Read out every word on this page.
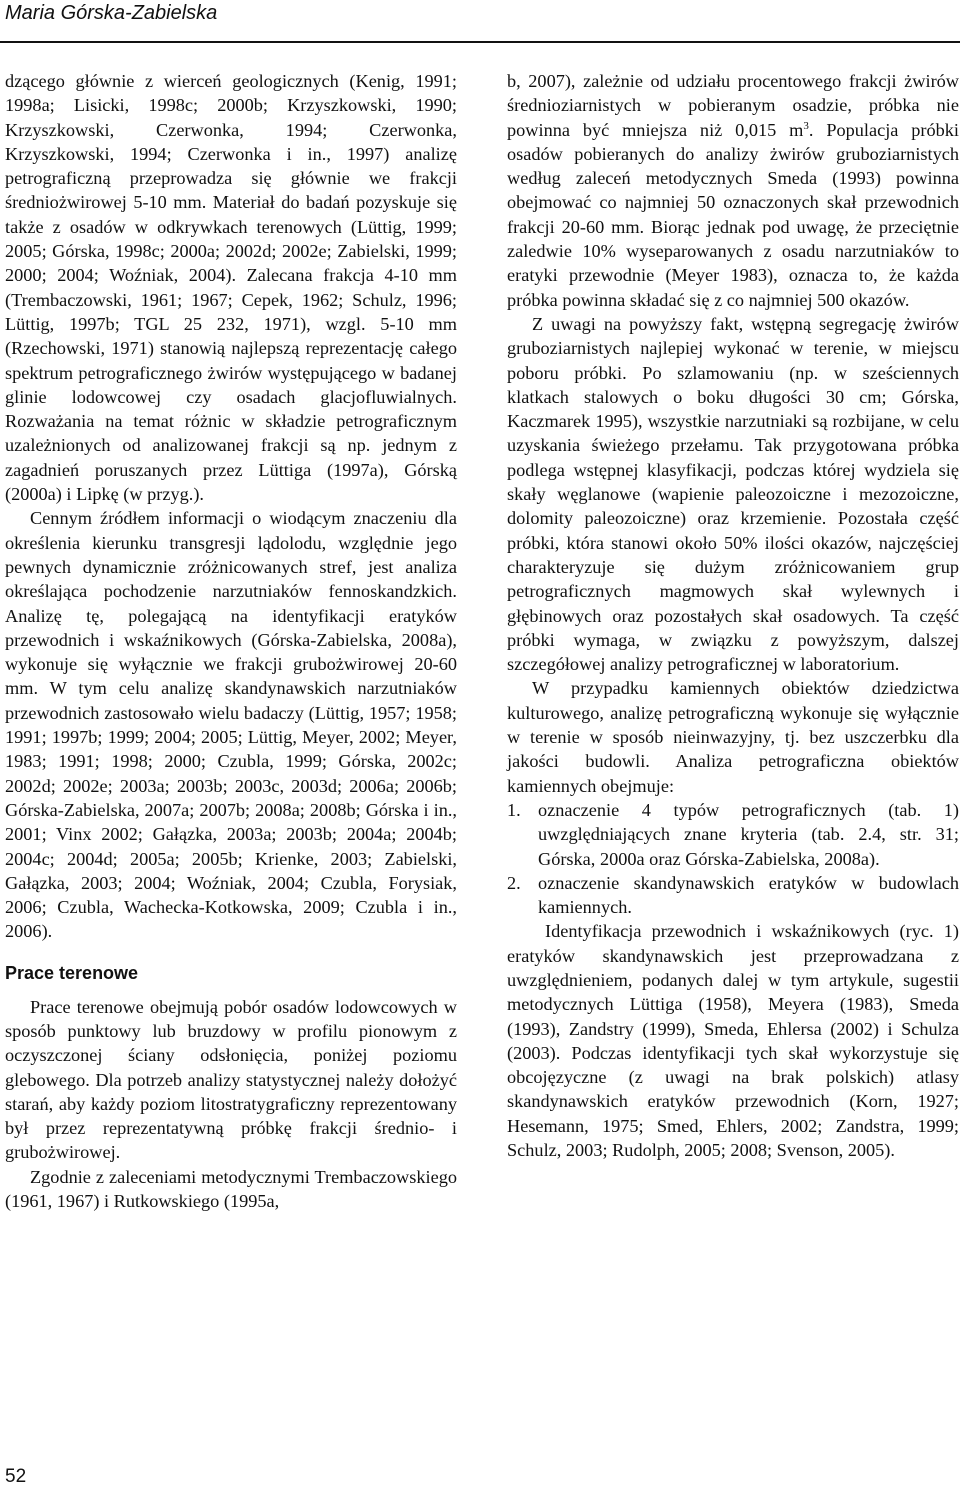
Maria Górska-Zabielska

dzącego głównie z wierceń geologicznych (Kenig, 1991; 1998a; Lisicki, 1998c; 2000b; Krzyszkowski, 1990; Krzyszkowski, Czerwonka, 1994; Czerwonka, Krzyszkowski, 1994; Czerwonka i in., 1997) analizę petrograficzną przeprowadza się głównie we frakcji średniożwirowej 5-10 mm. Materiał do badań pozyskuje się także z osadów w odkrywkach terenowych (Lüttig, 1999; 2005; Górska, 1998c; 2000a; 2002d; 2002e; Zabielski, 1999; 2000; 2004; Woźniak, 2004). Zalecana frakcja 4-10 mm (Trembaczowski, 1961; 1967; Cepek, 1962; Schulz, 1996; Lüttig, 1997b; TGL 25 232, 1971), wzgl. 5-10 mm (Rzechowski, 1971) stanowią najlepszą reprezentację całego spektrum petrograficznego żwirów występującego w badanej glinie lodowcowej czy osadach glacjofluwialnych. Rozważania na temat różnic w składzie petrograficznym uzależnionych od analizowanej frakcji są np. jednym z zagadnień poruszanych przez Lüttiga (1997a), Górską (2000a) i Lipkę (w przyg.).

Cennym źródłem informacji o wiodącym znaczeniu dla określenia kierunku transgresji lądolodu, względnie jego pewnych dynamicznie zróżnicowanych stref, jest analiza określająca pochodzenie narzutniaków fennoskandzkich. Analizę tę, polegającą na identyfikacji eratyków przewodnich i wskaźnikowych (Górska-Zabielska, 2008a), wykonuje się wyłącznie we frakcji grubożwirowej 20-60 mm. W tym celu analizę skandynawskich narzutniaków przewodnich zastosowało wielu badaczy (Lüttig, 1957; 1958; 1991; 1997b; 1999; 2004; 2005; Lüttig, Meyer, 2002; Meyer, 1983; 1991; 1998; 2000; Czubla, 1999; Górska, 2002c; 2002d; 2002e; 2003a; 2003b; 2003c, 2003d; 2006a; 2006b; Górska-Zabielska, 2007a; 2007b; 2008a; 2008b; Górska i in., 2001; Vinx 2002; Gałązka, 2003a; 2003b; 2004a; 2004b; 2004c; 2004d; 2005a; 2005b; Krienke, 2003; Zabielski, Gałązka, 2003; 2004; Woźniak, 2004; Czubla, Forysiak, 2006; Czubla, Wachecka-Kotkowska, 2009; Czubla i in., 2006).

Prace terenowe

Prace terenowe obejmują pobór osadów lodowcowych w sposób punktowy lub bruzdowy w profilu pionowym z oczyszczonej ściany odsłonięcia, poniżej poziomu glebowego. Dla potrzeb analizy statystycznej należy dołożyć starań, aby każdy poziom litostratygraficzny reprezentowany był przez reprezentatywną próbkę frakcji średnio- i grubożwirowej.

Zgodnie z zaleceniami metodycznymi Trembaczowskiego (1961, 1967) i Rutkowskiego (1995a,

b, 2007), zależnie od udziału procentowego frakcji żwirów średnioziarnistych w pobieranym osadzie, próbka nie powinna być mniejsza niż 0,015 $m^3$. Populacja próbki osadów pobieranych do analizy żwirów gruboziarnistych według zaleceń metodycznych Smeda (1993) powinna obejmować co najmniej 50 oznaczonych skał przewodnich frakcji 20-60 mm. Biorąc jednak pod uwagę, że przeciętnie zaledwie 10% wyseparowanych z osadu narzutniaków to eratyki przewodnie (Meyer 1983), oznacza to, że każda próbka powinna składać się z co najmniej 500 okazów.

Z uwagi na powyższy fakt, wstępną segregację żwirów gruboziarnistych najlepiej wykonać w terenie, w miejscu poboru próbki. Po szlamowaniu (np. w sześciennych klatkach stalowych o boku długości 30 cm; Górska, Kaczmarek 1995), wszystkie narzutniaki są rozbijane, w celu uzyskania świeżego przełamu. Tak przygotowana próbka podlega wstępnej klasyfikacji, podczas której wydziela się skały węglanowe (wapienie paleozoiczne i mezozoiczne, dolomity paleozoiczne) oraz krzemienie. Pozostała część próbki, która stanowi około 50% ilości okazów, najczęściej charakteryzuje się dużym zróżnicowaniem grup petrograficznych magmowych skał wylewnych i głębinowych oraz pozostałych skał osadowych. Ta część próbki wymaga, w związku z powyższym, dalszej szczegółowej analizy petrograficznej w laboratorium.

W przypadku kamiennych obiektów dziedzictwa kulturowego, analizę petrograficzną wykonuje się wyłącznie w terenie w sposób nieinwazyjny, tj. bez uszczerbku dla jakości budowli. Analiza petrograficzna obiektów kamiennych obejmuje:

1. oznaczenie 4 typów petrograficznych (tab. 1) uwzględniających znane kryteria (tab. 2.4, str. 31; Górska, 2000a oraz Górska-Zabielska, 2008a).
2. oznaczenie skandynawskich eratyków w budowlach kamiennych.

Identyfikacja przewodnich i wskaźnikowych (ryc. 1) eratyków skandynawskich jest przeprowadzana z uwzględnieniem, podanych dalej w tym artykule, sugestii metodycznych Lüttiga (1958), Meyera (1983), Smeda (1993), Zandstry (1999), Smeda, Ehlersa (2002) i Schulza (2003). Podczas identyfikacji tych skał wykorzystuje się obcojęzyczne (z uwagi na brak polskich) atlasy skandynawskich eratyków przewodnich (Korn, 1927; Hesemann, 1975; Smed, Ehlers, 2002; Zandstra, 1999; Schulz, 2003; Rudolph, 2005; 2008; Svenson, 2005).

52
